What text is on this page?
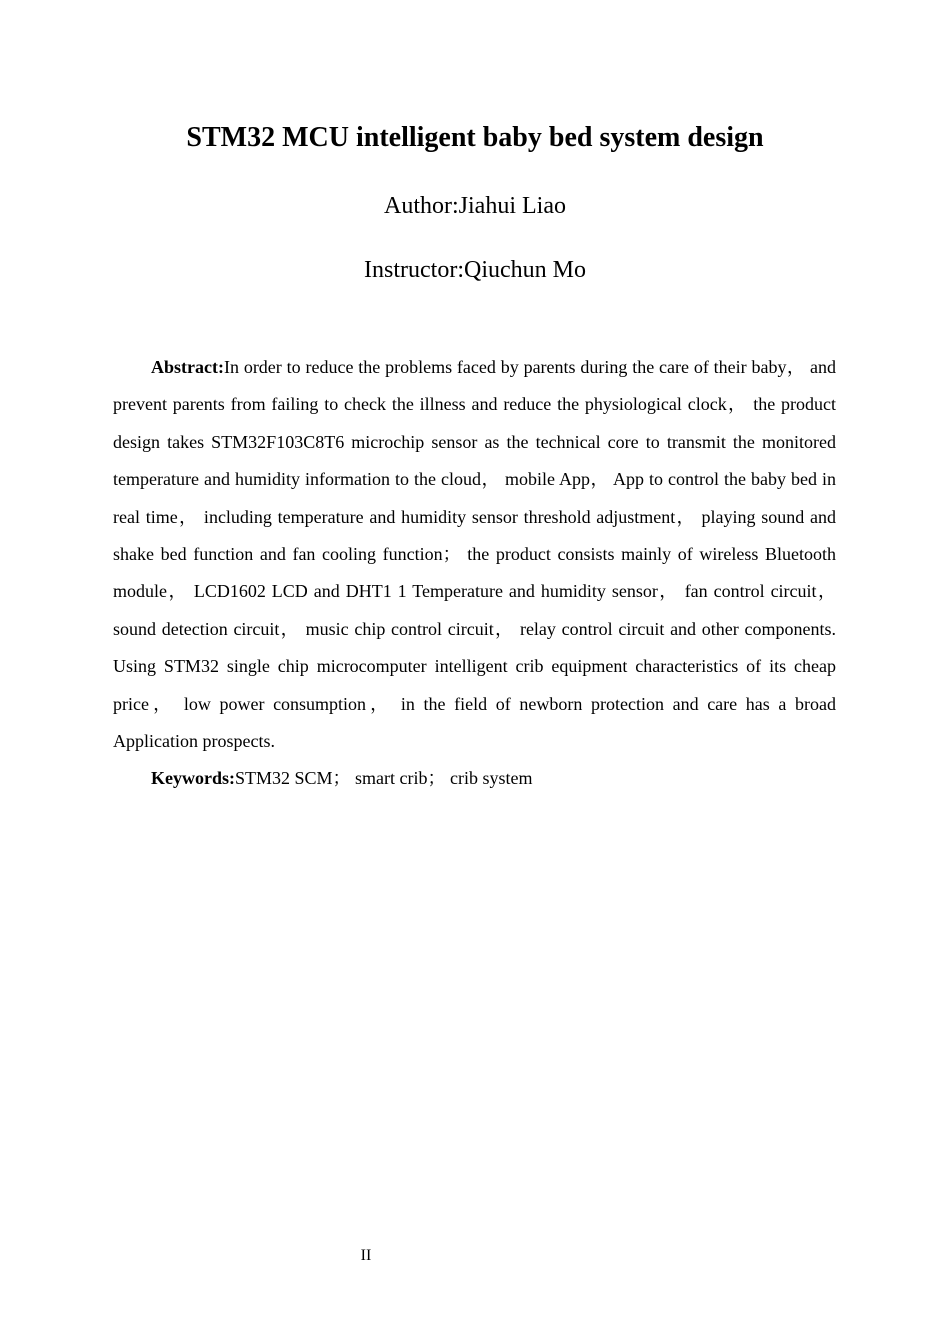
STM32 MCU intelligent baby bed system design

Author:Jiahui Liao

Instructor:Qiuchun Mo

Abstract:In order to reduce the problems faced by parents during the care of their baby， and prevent parents from failing to check the illness and reduce the physiological clock， the product design takes STM32F103C8T6 microchip sensor as the technical core to transmit the monitored temperature and humidity information to the cloud， mobile App， App to control the baby bed in real time， including temperature and humidity sensor threshold adjustment， playing sound and shake bed function and fan cooling function； the product consists mainly of wireless Bluetooth module， LCD1602 LCD and DHT1 1 Temperature and humidity sensor， fan control circuit， sound detection circuit， music chip control circuit， relay control circuit and other components. Using STM32 single chip microcomputer intelligent crib equipment characteristics of its cheap price， low power consumption， in the field of newborn protection and care has a broad Application prospects.

Keywords:STM32 SCM； smart crib； crib system

II
